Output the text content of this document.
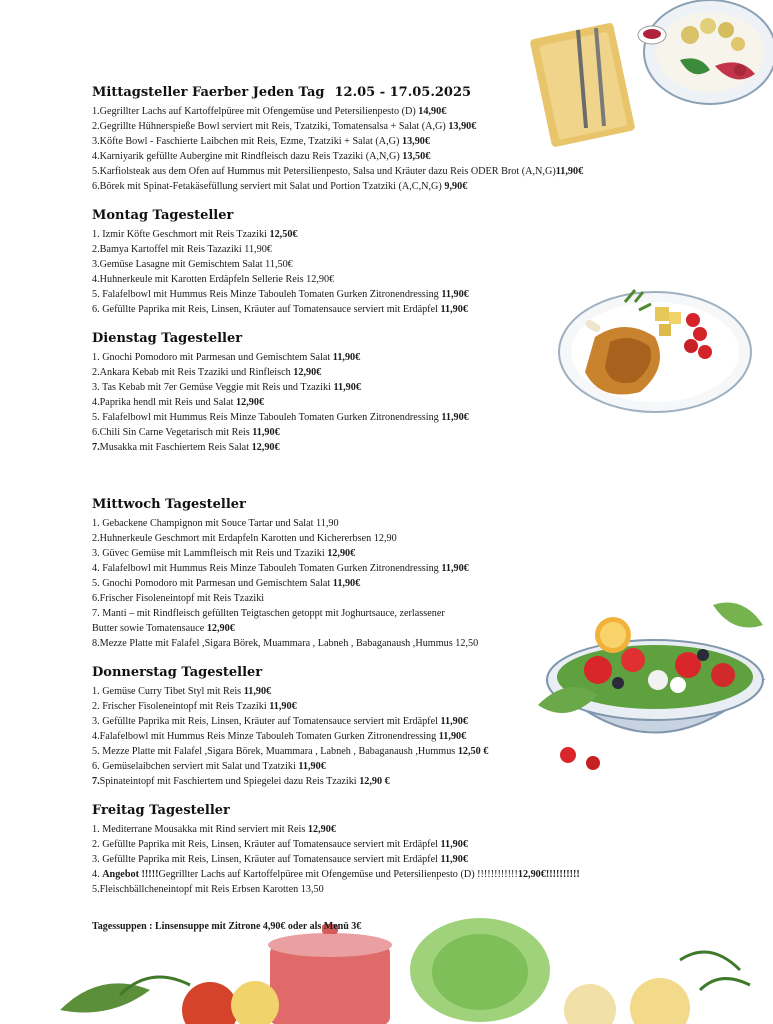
Mittagsteller Faerber Jeden Tag 12.05 - 17.05.2025
1.Gegrillter Lachs auf Kartoffelpüree mit Ofengemüse und Petersilienpesto (D) 14,90€
2.Gegrillte Hühnerspieße Bowl serviert mit Reis, Tzatziki, Tomatensalsa + Salat (A,G) 13,90€
3.Köfte Bowl - Faschierte Laibchen mit Reis, Ezme, Tzatziki + Salat (A,G) 13,90€
4.Karniyarik gefüllte Aubergine mit Rindfleisch dazu Reis Tzaziki (A,N,G) 13,50€
5.Karfiolsteak aus dem Ofen auf Hummus mit Petersilienpesto, Salsa und Kräuter dazu Reis ODER Brot (A,N,G)11,90€
6.Börek mit Spinat-Fetakäsefüllung serviert mit Salat und Portion Tzatziki (A,C,N,G) 9,90€
Montag Tagesteller
1. Izmir Köfte Geschmort mit Reis Tzaziki 12,50€
2.Bamya Kartoffel mit Reis Tazaziki 11,90€
3.Gemüse Lasagne mit Gemischtem Salat 11,50€
4.Huhnerkeule mit Karotten Erdäpfeln Sellerie Reis 12,90€
5. Falafelbowl mit Hummus Reis Minze Tabouleh Tomaten Gurken Zitronendressing 11,90€
6. Gefüllte Paprika mit Reis, Linsen, Kräuter auf Tomatensauce serviert mit Erdäpfel 11,90€
Dienstag Tagesteller
1. Gnochi Pomodoro mit Parmesan und Gemischtem Salat 11,90€
2.Ankara Kebab mit Reis Tzaziki und Rinfleisch 12,90€
3. Tas Kebab mit 7er Gemüse Veggie mit Reis und Tzaziki 11,90€
4.Paprika hendl mit Reis und Salat 12,90€
5. Falafelbowl mit Hummus Reis Minze Tabouleh Tomaten Gurken Zitronendressing 11,90€
6.Chili Sin Carne Vegetarisch mit Reis 11,90€
7.Musakka mit Faschiertem Reis Salat 12,90€
Mittwoch Tagesteller
1. Gebackene Champignon mit Souce Tartar und Salat 11,90
2.Huhnerkeule Geschmort mit Erdapfeln Karotten und Kichererbsen 12,90
3. Güvec Gemüse mit Lammfleisch mit Reis und Tzaziki 12,90€
4. Falafelbowl mit Hummus Reis Minze Tabouleh Tomaten Gurken Zitronendressing 11,90€
5. Gnochi Pomodoro mit Parmesan und Gemischtem Salat 11,90€
6.Frischer Fisoleneintopf mit Reis Tzaziki
7. Manti – mit Rindfleisch gefüllten Teigtaschen getoppt mit Joghurtsauce, zerlassener
Butter sowie Tomatensauce 12,90€
8.Mezze Platte mit Falafel ,Sigara Börek, Muammara , Labneh , Babaganaush ,Hummus 12,50
Donnerstag Tagesteller
1. Gemüse Curry Tibet Styl mit Reis 11,90€
2. Frischer Fisoleneintopf mit Reis Tzaziki 11,90€
3. Gefüllte Paprika mit Reis, Linsen, Kräuter auf Tomatensauce serviert mit Erdäpfel 11,90€
4.Falafelbowl mit Hummus Reis Minze Tabouleh Tomaten Gurken Zitronendressing 11,90€
5. Mezze Platte mit Falafel ,Sigara Börek, Muammara , Labneh , Babaganaush ,Hummus 12,50 €
6. Gemüselaibchen serviert mit Salat und Tzatziki 11,90€
7.Spinateintopf mit Faschiertem und Spiegelei dazu Reis Tzaziki 12,90 €
Freitag Tagesteller
1. Mediterrane Mousakka mit Rind serviert mit Reis 12,90€
2. Gefüllte Paprika mit Reis, Linsen, Kräuter auf Tomatensauce serviert mit Erdäpfel 11,90€
3. Gefüllte Paprika mit Reis, Linsen, Kräuter auf Tomatensauce serviert mit Erdäpfel 11,90€
4. Angebot !!!!!Gegrillter Lachs auf Kartoffelpüree mit Ofengemüse und Petersilienpesto (D) !!!!!!!!!!!!12,90€!!!!!!!!!!
5.Fleischbällcheneintopf mit Reis Erbsen Karotten 13,50
Tagessuppen : Linsensuppe mit Zitrone 4,90€ oder als Menü 3€
